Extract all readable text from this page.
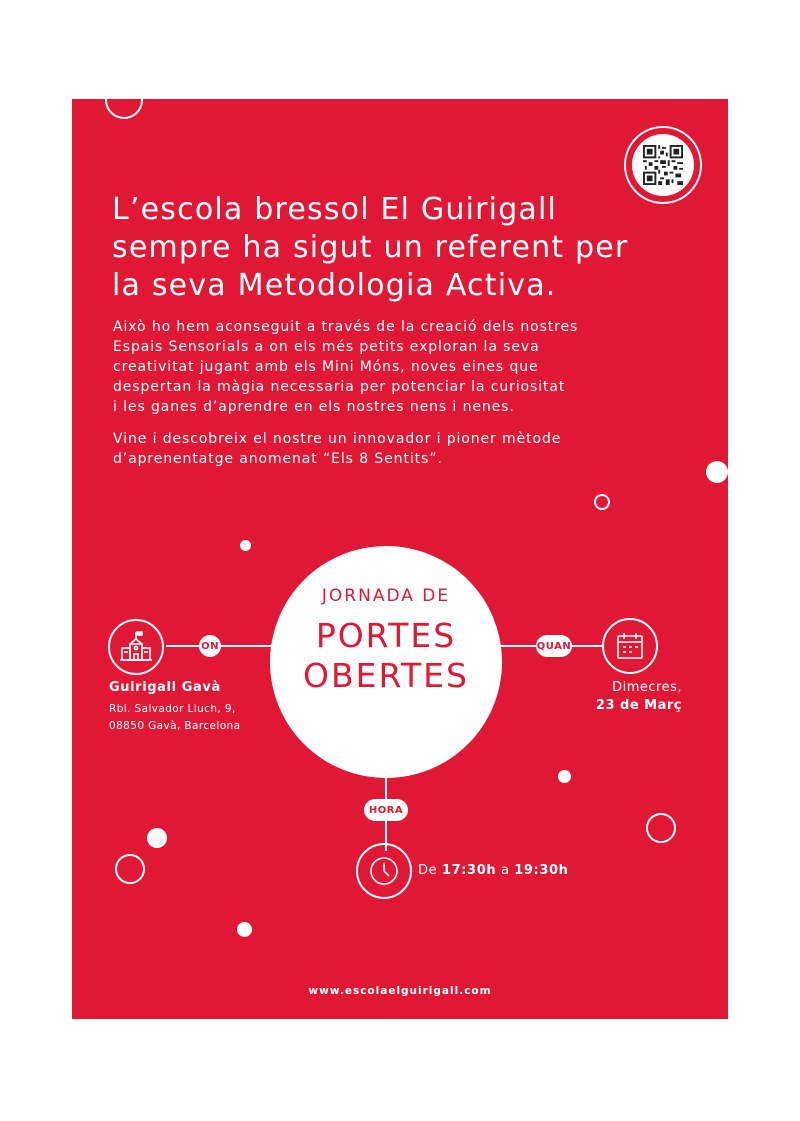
L’escola bressol El Guirigall
sempre ha sigut un referent per
la seva Metodologia Activa.

Això ho hem aconseguit a través de la creació dels nostres
Espais Sensorials a on els més petits exploran la seva
creativitat jugant amb els Mini Móns, noves eines que
despertan la màgia necessaria per potenciar la curiositat
i les ganes d’aprendre en els nostres nens i nenes.

Vine i descobreix el nostre un innovador i pioner mètode
d’aprenentatge anomenat “Els 8 Sentits”.

JORNADA DE
PORTES
OBERTES
ON	QUAN
HORA
Guirigall Gavà
Rbl. Salvador Lluch, 9,
08850 Gavà, Barcelona
Dimecres,
23 de Març
De 17:30h a 19:30h
www.escolaelguirigall.com
